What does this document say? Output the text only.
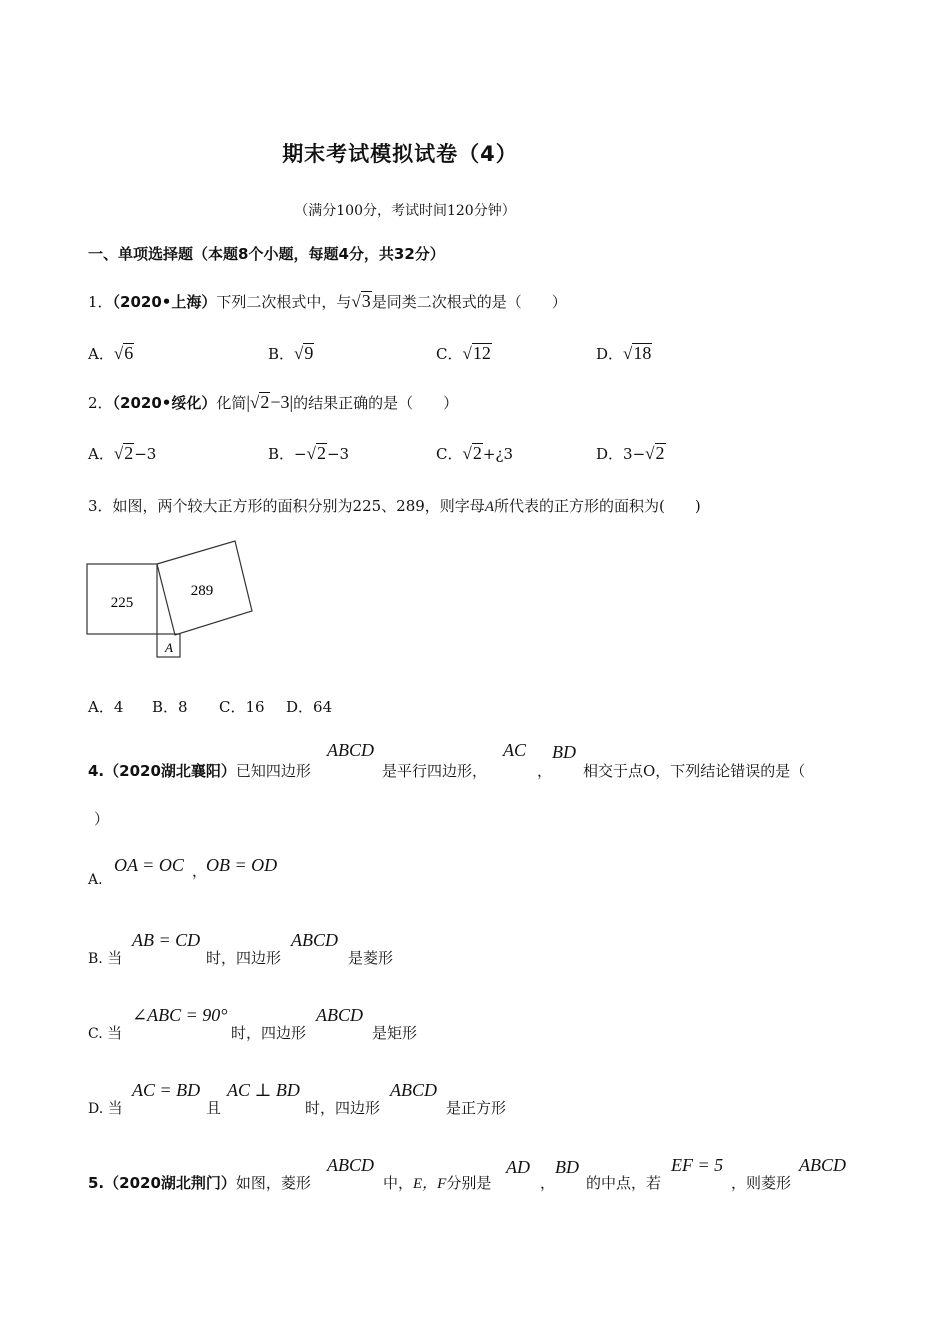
期末考试模拟试卷（4）
（满分100分，考试时间120分钟）
一、单项选择题（本题8个小题，每题4分，共32分）
1．（2020•上海）下列二次根式中，与√3是同类二次根式的是（　　）
A．√6	B．√9	C．√12	D．√18
2．（2020•绥化）化简|√2−3|的结果正确的是（　　）
A．√2−3	B．−√2−3	C．√2+¿3	D．3−√2
3．如图，两个较大正方形的面积分别为225、289，则字母A所代表的正方形的面积为(　　)
225
289
A
A．4 B．8 C．16 D．64
4.（2020湖北襄阳）已知四边形
ABCD
是平行四边形，
AC
，
BD
相交于点O，下列结论错误的是（
）
A.
OA = OC ，
OB = OD
B. 当
AB = CD
时，四边形
ABCD
是菱形
C. 当
∠ABC = 90°
时，四边形
ABCD
是矩形
D. 当
AC = BD
且
AC ⊥ BD
时，四边形
ABCD
是正方形
5.（2020湖北荆门）如图，菱形
ABCD
中，E，F分别是
AD
，
BD
的中点，若
EF = 5
，则菱形
ABCD
